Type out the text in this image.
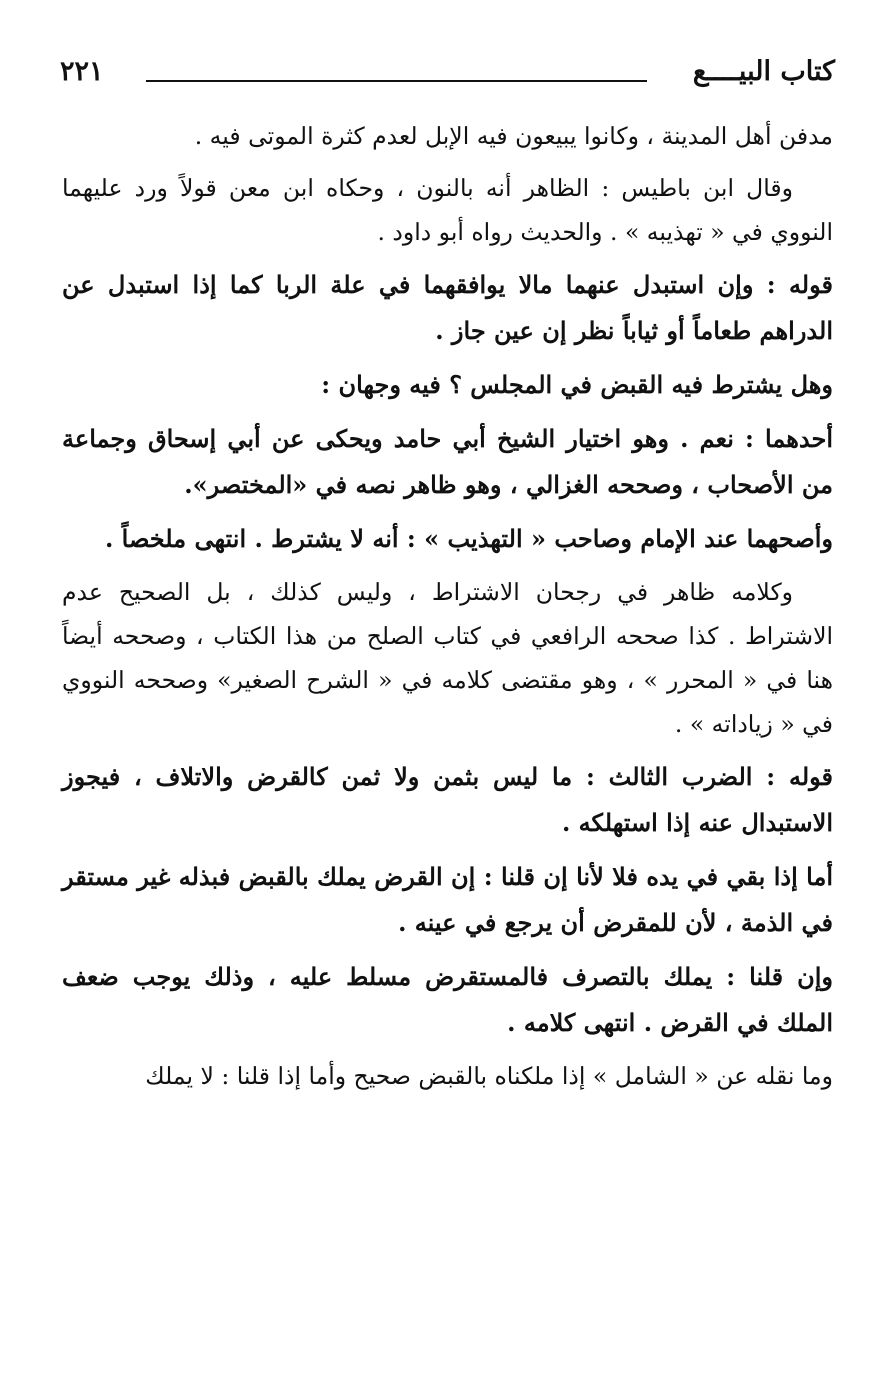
كتاب البيــــع
٢٢١

مدفن أهل المدينة ، وكانوا يبيعون فيه الإبل لعدم كثرة الموتى فيه .

وقال ابن باطيس : الظاهر أنه بالنون ، وحكاه ابن معن قولاً ورد عليهما النووي في « تهذيبه » . والحديث رواه أبو داود .

قوله : وإن استبدل عنهما مالا يوافقهما في علة الربا كما إذا استبدل عن الدراهم طعاماً أو ثياباً نظر إن عين جاز .

وهل يشترط فيه القبض في المجلس ؟ فيه وجهان :

أحدهما : نعم . وهو اختيار الشيخ أبي حامد ويحكى عن أبي إسحاق وجماعة من الأصحاب ، وصححه الغزالي ، وهو ظاهر نصه في «المختصر».

وأصحهما عند الإمام وصاحب « التهذيب » : أنه لا يشترط . انتهى ملخصاً .

وكلامه ظاهر في رجحان الاشتراط ، وليس كذلك ، بل الصحيح عدم الاشتراط . كذا صححه الرافعي في كتاب الصلح من هذا الكتاب ، وصححه أيضاً هنا في « المحرر » ، وهو مقتضى كلامه في « الشرح الصغير» وصححه النووي في « زياداته » .

قوله : الضرب الثالث : ما ليس بثمن ولا ثمن كالقرض والاتلاف ، فيجوز الاستبدال عنه إذا استهلكه .

أما إذا بقي في يده فلا لأنا إن قلنا : إن القرض يملك بالقبض فبذله غير مستقر في الذمة ، لأن للمقرض أن يرجع في عينه .

وإن قلنا : يملك بالتصرف فالمستقرض مسلط عليه ، وذلك يوجب ضعف الملك في القرض . انتهى كلامه .

وما نقله عن « الشامل » إذا ملكناه بالقبض صحيح وأما إذا قلنا : لا يملك
